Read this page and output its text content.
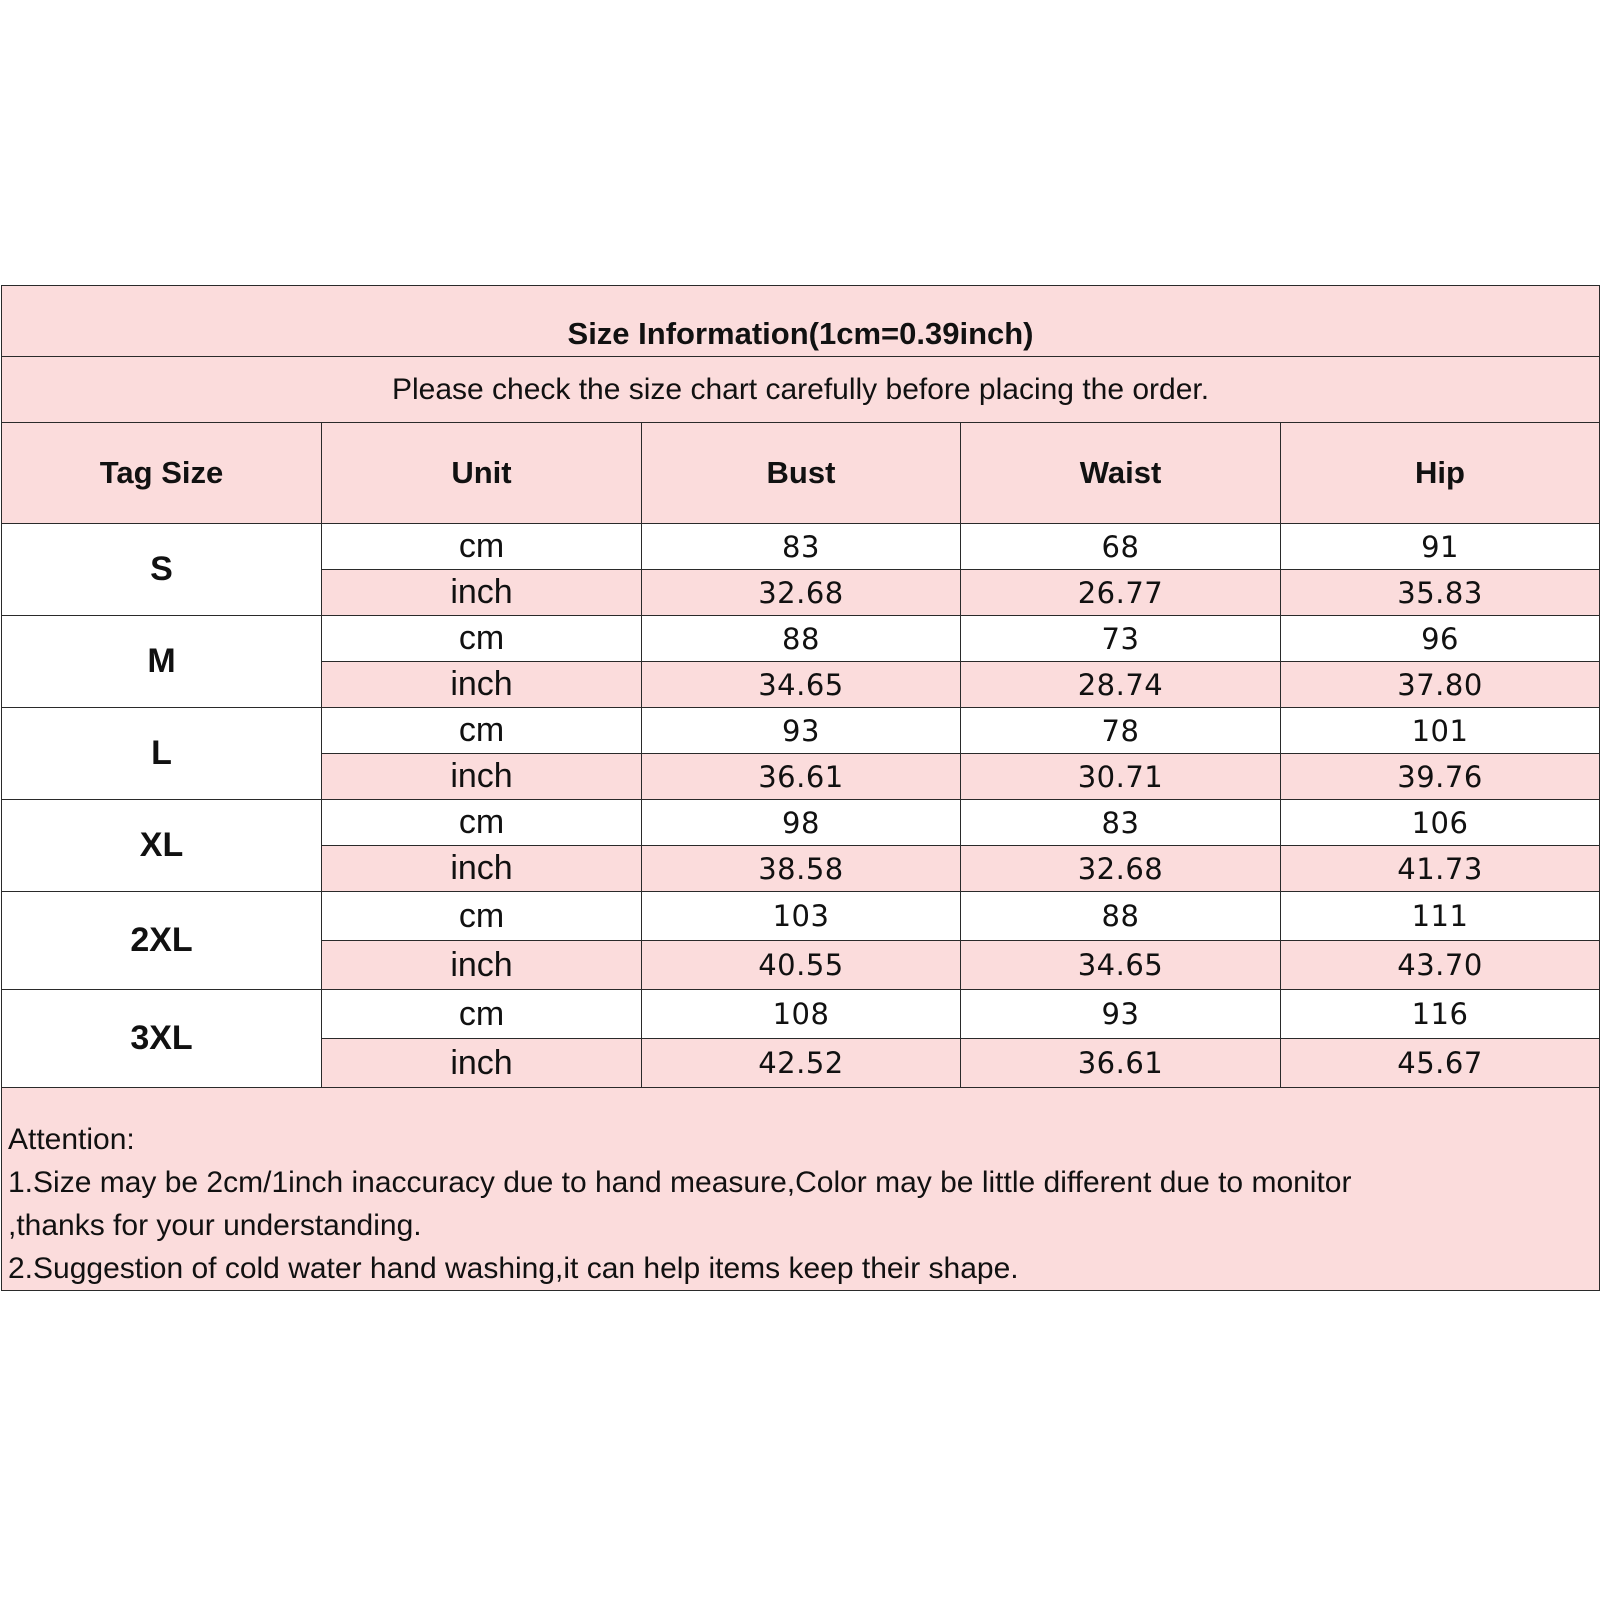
Size Information(1cm=0.39inch)				
Please check the size chart carefully before placing the order.				
Tag Size	Unit	Bust	Waist	Hip
S	cm	83	68	91
	inch	32.68	26.77	35.83
M	cm	88	73	96
	inch	34.65	28.74	37.80
L	cm	93	78	101
	inch	36.61	30.71	39.76
XL	cm	98	83	106
	inch	38.58	32.68	41.73
2XL	cm	103	88	111
	inch	40.55	34.65	43.70
3XL	cm	108	93	116
	inch	42.52	36.61	45.67

Attention:
1.Size may be 2cm/1inch inaccuracy due to hand measure,Color may be little different due to monitor
,thanks for your understanding.
2.Suggestion of cold water hand washing,it can help items keep their shape.				
